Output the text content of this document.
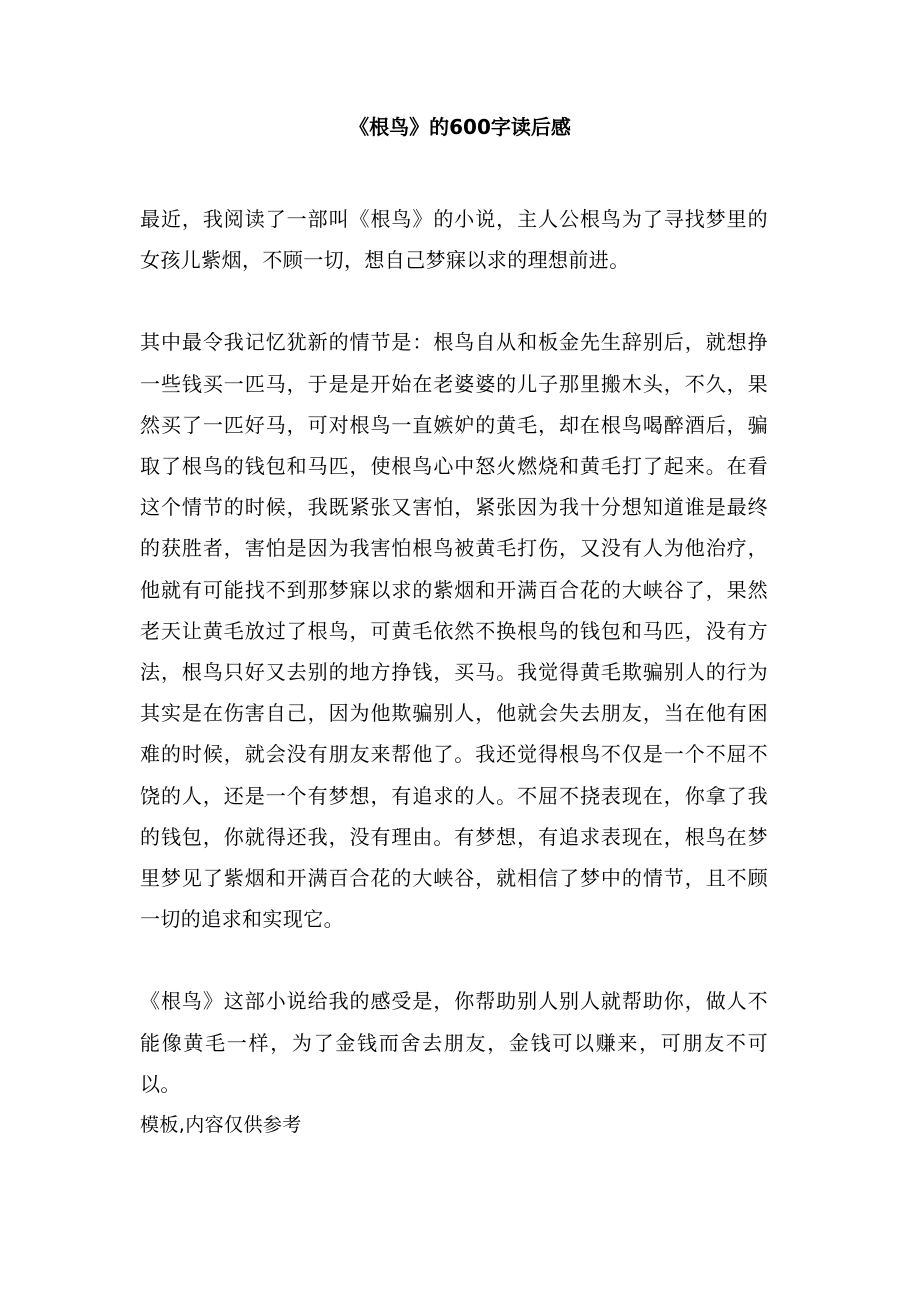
《根鸟》的600字读后感

最近，我阅读了一部叫《根鸟》的小说，主人公根鸟为了寻找梦里的女孩儿紫烟，不顾一切，想自己梦寐以求的理想前进。

其中最令我记忆犹新的情节是：根鸟自从和板金先生辞别后，就想挣一些钱买一匹马，于是是开始在老婆婆的儿子那里搬木头，不久，果然买了一匹好马，可对根鸟一直嫉妒的黄毛，却在根鸟喝醉酒后，骗取了根鸟的钱包和马匹，使根鸟心中怒火燃烧和黄毛打了起来。在看这个情节的时候，我既紧张又害怕，紧张因为我十分想知道谁是最终的获胜者，害怕是因为我害怕根鸟被黄毛打伤，又没有人为他治疗，他就有可能找不到那梦寐以求的紫烟和开满百合花的大峡谷了，果然老天让黄毛放过了根鸟，可黄毛依然不换根鸟的钱包和马匹，没有方法，根鸟只好又去别的地方挣钱，买马。我觉得黄毛欺骗别人的行为其实是在伤害自己，因为他欺骗别人，他就会失去朋友，当在他有困难的时候，就会没有朋友来帮他了。我还觉得根鸟不仅是一个不屈不饶的人，还是一个有梦想，有追求的人。不屈不挠表现在，你拿了我的钱包，你就得还我，没有理由。有梦想，有追求表现在，根鸟在梦里梦见了紫烟和开满百合花的大峡谷，就相信了梦中的情节，且不顾一切的追求和实现它。

《根鸟》这部小说给我的感受是，你帮助别人别人就帮助你，做人不能像黄毛一样，为了金钱而舍去朋友，金钱可以赚来，可朋友不可以。

模板,内容仅供参考
